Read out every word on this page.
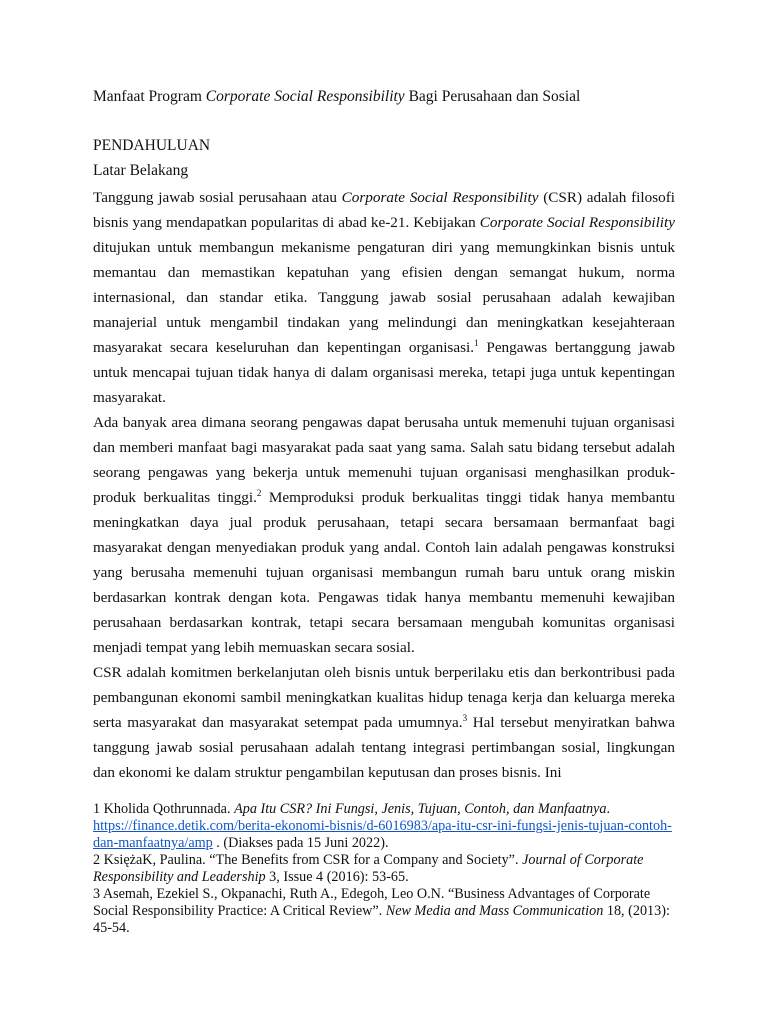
Manfaat Program Corporate Social Responsibility Bagi Perusahaan dan Sosial
PENDAHULUAN
Latar Belakang

Tanggung jawab sosial perusahaan atau Corporate Social Responsibility (CSR) adalah filosofi bisnis yang mendapatkan popularitas di abad ke-21. Kebijakan Corporate Social Responsibility ditujukan untuk membangun mekanisme pengaturan diri yang memungkinkan bisnis untuk memantau dan memastikan kepatuhan yang efisien dengan semangat hukum, norma internasional, dan standar etika. Tanggung jawab sosial perusahaan adalah kewajiban manajerial untuk mengambil tindakan yang melindungi dan meningkatkan kesejahteraan masyarakat secara keseluruhan dan kepentingan organisasi.$^1$ Pengawas bertanggung jawab untuk mencapai tujuan tidak hanya di dalam organisasi mereka, tetapi juga untuk kepentingan masyarakat.

Ada banyak area dimana seorang pengawas dapat berusaha untuk memenuhi tujuan organisasi dan memberi manfaat bagi masyarakat pada saat yang sama. Salah satu bidang tersebut adalah seorang pengawas yang bekerja untuk memenuhi tujuan organisasi menghasilkan produk-produk berkualitas tinggi.$^2$ Memproduksi produk berkualitas tinggi tidak hanya membantu meningkatkan daya jual produk perusahaan, tetapi secara bersamaan bermanfaat bagi masyarakat dengan menyediakan produk yang andal. Contoh lain adalah pengawas konstruksi yang berusaha memenuhi tujuan organisasi membangun rumah baru untuk orang miskin berdasarkan kontrak dengan kota. Pengawas tidak hanya membantu memenuhi kewajiban perusahaan berdasarkan kontrak, tetapi secara bersamaan mengubah komunitas organisasi menjadi tempat yang lebih memuaskan secara sosial.

CSR adalah komitmen berkelanjutan oleh bisnis untuk berperilaku etis dan berkontribusi pada pembangunan ekonomi sambil meningkatkan kualitas hidup tenaga kerja dan keluarga mereka serta masyarakat dan masyarakat setempat pada umumnya.$^3$ Hal tersebut menyiratkan bahwa tanggung jawab sosial perusahaan adalah tentang integrasi pertimbangan sosial, lingkungan dan ekonomi ke dalam struktur pengambilan keputusan dan proses bisnis. Ini

1 Kholida Qothrunnada. Apa Itu CSR? Ini Fungsi, Jenis, Tujuan, Contoh, dan Manfaatnya. https://finance.detik.com/berita-ekonomi-bisnis/d-6016983/apa-itu-csr-ini-fungsi-jenis-tujuan-contoh-dan-manfaatnya/amp . (Diakses pada 15 Juni 2022).

2 KsiężaK, Paulina. “The Benefits from CSR for a Company and Society”. Journal of Corporate Responsibility and Leadership 3, Issue 4 (2016): 53-65.

3 Asemah, Ezekiel S., Okpanachi, Ruth A., Edegoh, Leo O.N. “Business Advantages of Corporate Social Responsibility Practice: A Critical Review”. New Media and Mass Communication 18, (2013): 45-54.
